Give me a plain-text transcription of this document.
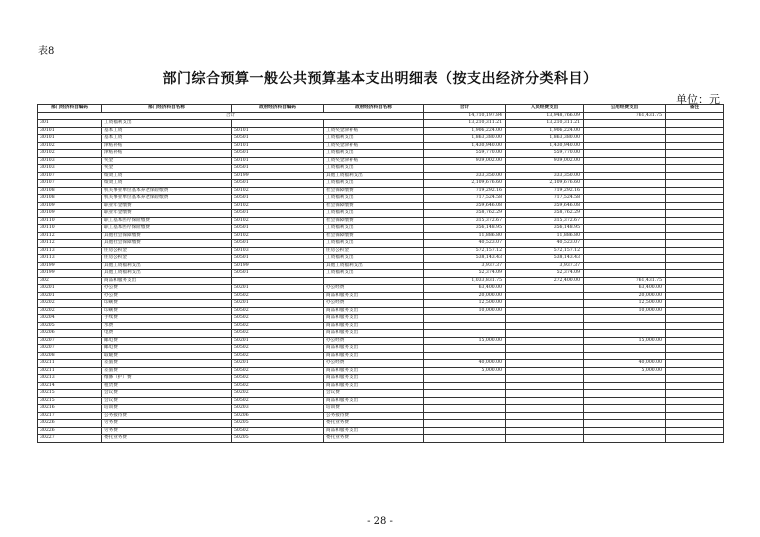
表8
部门综合预算一般公共预算基本支出明细表（按支出经济分类科目）
单位：元
部门经济科目编码	部门经济科目名称	政府经济科目编码	政府经济科目名称	合计	人员经费支出	公用经费支出	备注
合计				14,710,197.84	13,948,766.09	761,431.75	
301	工资福利支出			13,210,311.21	13,210,311.21		
30101	基本工资	50101	工资奖金津补贴	1,906,224.00	1,906,224.00		
30101	基本工资	50501	工资福利支出	1,863,380.00	1,863,380.00		
30102	津贴补贴	50101	工资奖金津补贴	1,430,940.00	1,430,940.00		
30102	津贴补贴	50501	工资福利支出	559,770.00	559,770.00		
30103	奖金	50101	工资奖金津补贴	939,002.00	939,002.00		
30103	奖金	50501	工资福利支出				
30107	绩效工资	50199	其他工资福利支出	333,350.00	333,350.00		
30107	绩效工资	50501	工资福利支出	2,109,676.60	2,109,676.60		
30108	机关事业单位基本养老保险缴费	50102	社会保障缴费	719,292.16	719,292.16		
30108	机关事业单位基本养老保险缴费	50501	工资福利支出	717,524.58	717,524.58		
30109	职业年金缴费	50102	社会保障缴费	359,646.08	359,646.08		
30109	职业年金缴费	50501	工资福利支出	358,762.29	358,762.29		
30110	职工基本医疗保险缴费	50102	社会保障缴费	315,372.67	315,372.67		
30110	职工基本医疗保险缴费	50501	工资福利支出	356,148.95	356,148.95		
30112	其他社会保障缴费	50102	社会保障缴费	11,886.80	11,886.80		
30112	其他社会保障缴费	50501	工资福利支出	40,523.07	40,523.07		
30113	住房公积金	50103	住房公积金	572,157.12	572,157.12		
30113	住房公积金	50501	工资福利支出	538,143.43	538,143.43		
30199	其他工资福利支出	50199	其他工资福利支出	3,937.37	3,937.37		
30199	其他工资福利支出	50501	工资福利支出	52,374.09	52,374.09		
302	商品和服务支出			1,033,831.75	272,400.00	761,431.75	
30201	办公费	50201	办公经费	63,400.00		63,400.00	
30201	办公费	50502	商品和服务支出	20,000.00		20,000.00	
30202	印刷费	50201	办公经费	12,500.00		12,500.00	
30202	印刷费	50502	商品和服务支出	10,000.00		10,000.00	
30204	手续费	50502	商品和服务支出				
30205	水费	50502	商品和服务支出				
30206	电费	50502	商品和服务支出				
30207	邮电费	50201	办公经费	15,000.00		15,000.00	
30207	邮电费	50502	商品和服务支出				
30208	取暖费	50502	商品和服务支出				
30211	差旅费	50201	办公经费	40,000.00		40,000.00	
30211	差旅费	50502	商品和服务支出	5,000.00		5,000.00	
30213	维修（护）费	50502	商品和服务支出				
30214	租赁费	50502	商品和服务支出				
30215	会议费	50202	会议费				
30215	会议费	50502	商品和服务支出				
30216	培训费	50203	培训费				
30217	公务接待费	50206	公务接待费				
30226	劳务费	50205	委托业务费				
30226	劳务费	50502	商品和服务支出				
30227	委托业务费	50205	委托业务费				
- 28 -
